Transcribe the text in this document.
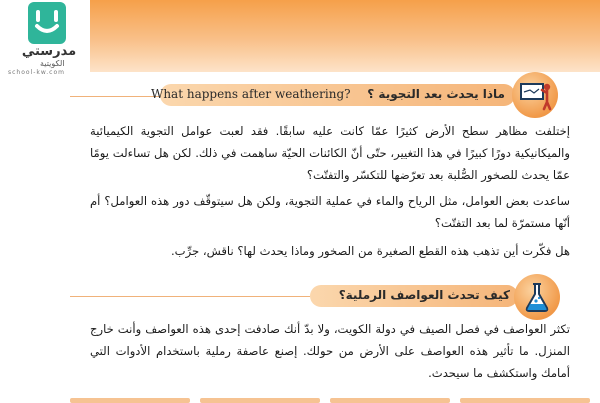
مدرستي
الكويتية
school-kw.com
What happens after weathering? ماذا يحدث بعد التجوية ؟

إختلفت مظاهر سطح الأرض كثيرًا عمّا كانت عليه سابقًا. فقد لعبت عوامل التجوية الكيميائية والميكانيكية دورًا كبيرًا في هذا التغيير، حتّى أنّ الكائنات الحيّة ساهمت في ذلك. لكن هل تساءلت يومًا عمّا يحدث للصخور الصُّلبة بعد تعرّضها للتكسّر والتفتّت؟

ساعدت بعض العوامل، مثل الرياح والماء في عملية التجوية، ولكن هل سيتوقّف دور هذه العوامل؟ أم أنّها مستمرّة لما بعد التفتّت؟

هل فكّرت أين تذهب هذه القطع الصغيرة من الصخور وماذا يحدث لها؟ ناقش، جرِّب.

كيف تحدث العواصف الرملية؟

تكثر العواصف في فصل الصيف في دولة الكويت، ولا بدّ أنك صادفت إحدى هذه العواصف وأنت خارج المنزل. ما تأثير هذه العواصف على الأرض من حولك. إصنع عاصفة رملية باستخدام الأدوات التي أمامك واستكشف ما سيحدث.
